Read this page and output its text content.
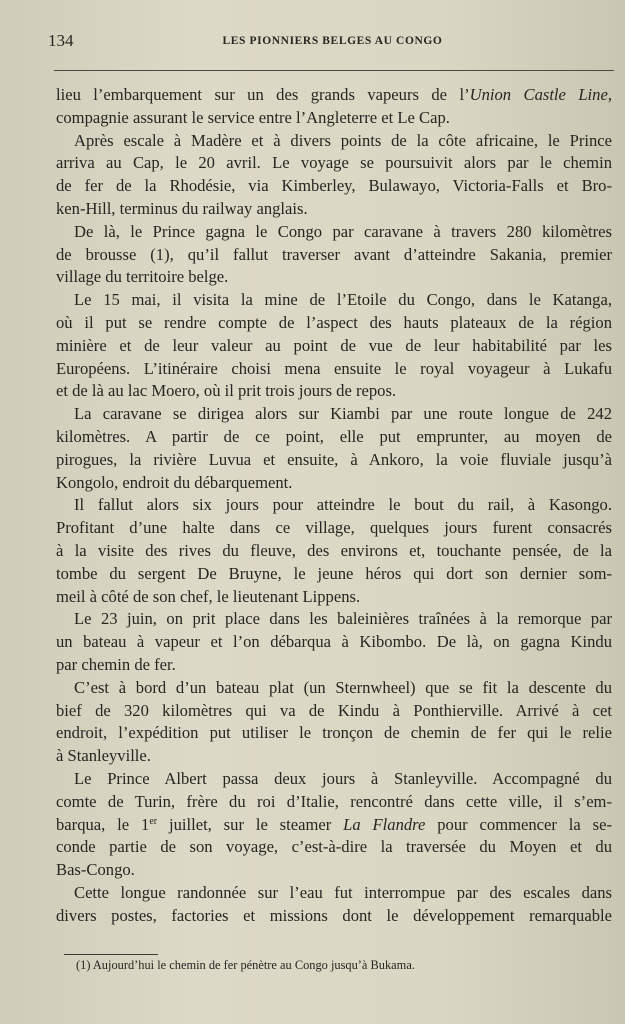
134	LES PIONNIERS BELGES AU CONGO
lieu l’embarquement sur un des grands vapeurs de l’Union Castle Line,
compagnie assurant le service entre l’Angleterre et Le Cap.
Après escale à Madère et à divers points de la côte africaine, le Prince
arriva au Cap, le 20 avril. Le voyage se poursuivit alors par le chemin
de fer de la Rhodésie, via Kimberley, Bulawayo, Victoria-Falls et Bro-
ken-Hill, terminus du railway anglais.
De là, le Prince gagna le Congo par caravane à travers 280 kilomètres
de brousse (1), qu’il fallut traverser avant d’atteindre Sakania, premier
village du territoire belge.
Le 15 mai, il visita la mine de l’Etoile du Congo, dans le Katanga,
où il put se rendre compte de l’aspect des hauts plateaux de la région
minière et de leur valeur au point de vue de leur habitabilité par les
Européens. L’itinéraire choisi mena ensuite le royal voyageur à Lukafu
et de là au lac Moero, où il prit trois jours de repos.
La caravane se dirigea alors sur Kiambi par une route longue de 242
kilomètres. A partir de ce point, elle put emprunter, au moyen de
pirogues, la rivière Luvua et ensuite, à Ankoro, la voie fluviale jusqu’à
Kongolo, endroit du débarquement.
Il fallut alors six jours pour atteindre le bout du rail, à Kasongo.
Profitant d’une halte dans ce village, quelques jours furent consacrés
à la visite des rives du fleuve, des environs et, touchante pensée, de la
tombe du sergent De Bruyne, le jeune héros qui dort son dernier som-
meil à côté de son chef, le lieutenant Lippens.
Le 23 juin, on prit place dans les baleinières traînées à la remorque par
un bateau à vapeur et l’on débarqua à Kibombo. De là, on gagna Kindu
par chemin de fer.
C’est à bord d’un bateau plat (un Sternwheel) que se fit la descente du
bief de 320 kilomètres qui va de Kindu à Ponthierville. Arrivé à cet
endroit, l’expédition put utiliser le tronçon de chemin de fer qui le relie
à Stanleyville.
Le Prince Albert passa deux jours à Stanleyville. Accompagné du
comte de Turin, frère du roi d’Italie, rencontré dans cette ville, il s’em-
barqua, le 1er juillet, sur le steamer La Flandre pour commencer la se-
conde partie de son voyage, c’est-à-dire la traversée du Moyen et du
Bas-Congo.
Cette longue randonnée sur l’eau fut interrompue par des escales dans
divers postes, factories et missions dont le développement remarquable
(1) Aujourd’hui le chemin de fer pénètre au Congo jusqu’à Bukama.
